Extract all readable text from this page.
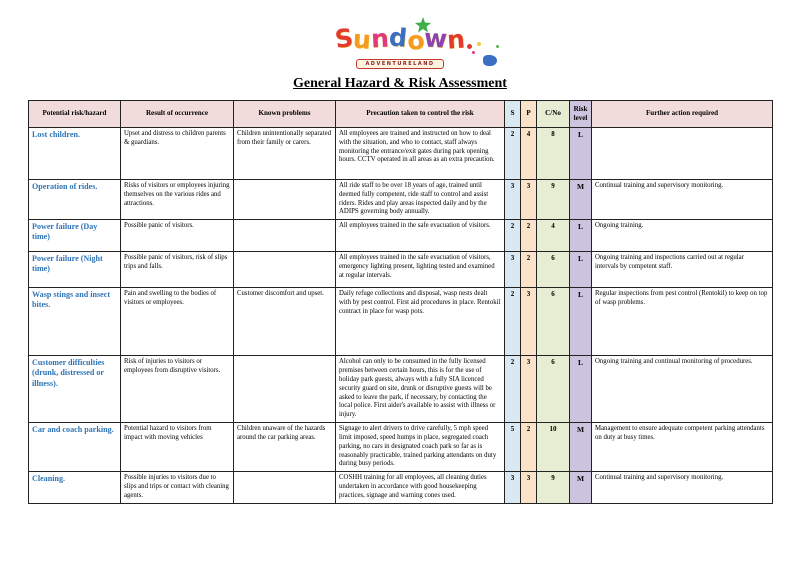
Sundown
ADVENTURELAND
General Hazard & Risk Assessment
Potential risk/hazard	Result of occurrence	Known problems	Precaution taken to control the risk	S	P	C/No	Risk level	Further action required
Lost children.	Upset and distress to children parents & guardians.	Children unintentionally separated from their family or carers.	All employees are trained and instructed on how to deal with the situation, and who to contact, staff always monitoring the entrance/exit gates during park opening hours. CCTV operated in all areas as an extra precaution.	2	4	8	L	
Operation of rides.	Risks of visitors or employees injuring themselves on the various rides and attractions.		All ride staff to be over 18 years of age, trained until deemed fully competent, ride staff to control and assist riders. Rides and play areas inspected daily and by the ADIPS governing body annually.	3	3	9	M	Continual training and supervisory monitoring.
Power failure (Day time)	Possible panic of visitors.		All employees trained in the safe evacuation of visitors.	2	2	4	L	Ongoing training.
Power failure (Night time)	Possible panic of visitors, risk of slips trips and falls.		All employees trained in the safe evacuation of visitors, emergency lighting present, lighting tested and examined at regular intervals.	3	2	6	L	Ongoing training and inspections carried out at regular intervals by competent staff.
Wasp stings and insect bites.	Pain and swelling to the bodies of visitors or employees.	Customer discomfort and upset.	Daily refuge collections and disposal, wasp nests dealt with by pest control. First aid procedures in place. Rentokil contract in place for wasp pots.	2	3	6	L	Regular inspections from pest control (Rentokil) to keep on top of wasp problems.
Customer difficulties (drunk, distressed or illness).	Risk of injuries to visitors or employees from disruptive visitors.		Alcohol can only to be consumed in the fully licensed premises between certain hours, this is for the use of holiday park guests, always with a fully SIA licenced security guard on site, drunk or disruptive guests will be asked to leave the park, if necessary, by contacting the local police. First aider's available to assist with illness or injury.	2	3	6	L	Ongoing training and continual monitoring of procedures.
Car and coach parking.	Potential hazard to visitors from impact with moving vehicles	Children unaware of the hazards around the car parking areas.	Signage to alert drivers to drive carefully, 5 mph speed limit imposed, speed humps in place, segregated coach parking, no cars in designated coach park so far as is reasonably practicable, trained parking attendants on duty during busy periods.	5	2	10	M	Management to ensure adequate competent parking attendants on duty at busy times.
Cleaning.	Possible injuries to visitors due to slips and trips or contact with cleaning agents.		COSHH training for all employees, all cleaning duties undertaken in accordance with good housekeeping practices, signage and warning cones used.	3	3	9	M	Continual training and supervisory monitoring.
